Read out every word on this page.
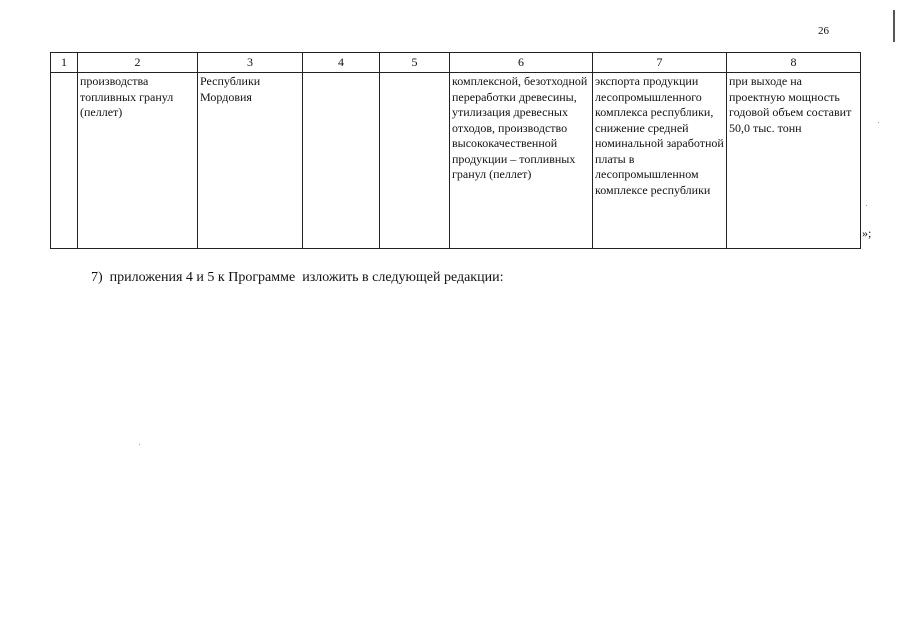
26
1	2	3	4	5	6	7	8
	производства топливных гранул (пеллет)	Республики Мордовия			комплексной, безотходной переработки древесины, утилизация древесных отходов, производство высококачественной продукции – топливных гранул (пеллет)	экспорта продукции лесопромышленного комплекса республики, снижение средней номинальной заработной платы в лесопромышленном комплексе республики	при выходе на проектную мощность годовой объем составит 50,0 тыс. тонн
»;
7)  приложения 4 и 5 к Программе  изложить в следующей редакции:
